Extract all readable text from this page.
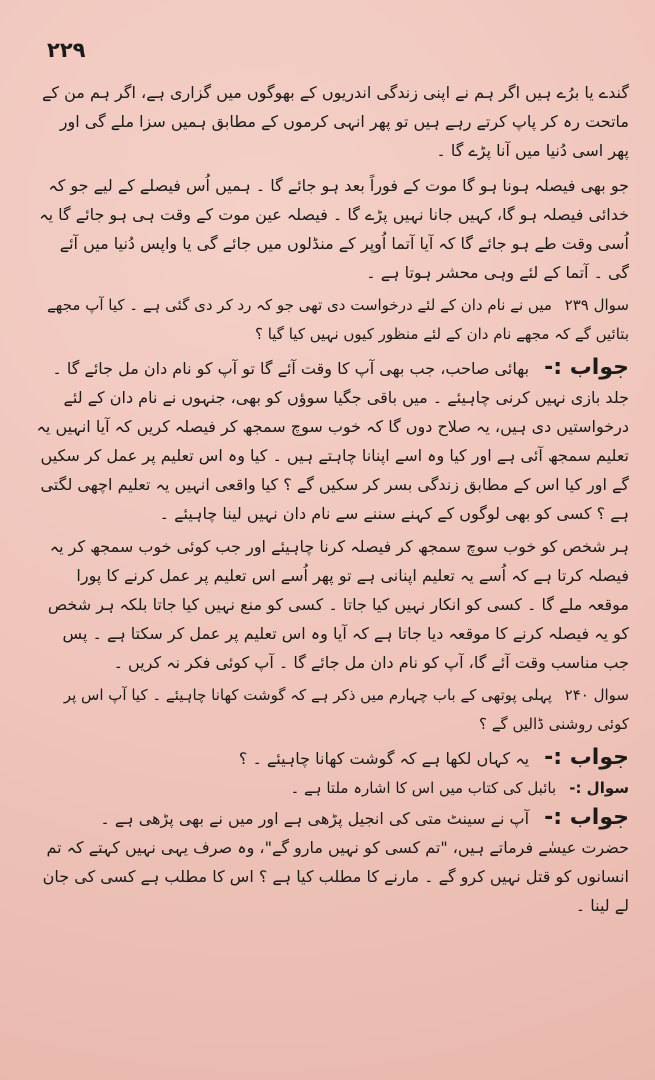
۲۲۹

گندے یا برُے ہیں اگر ہم نے اپنی زندگی اندریوں کے بھوگوں میں گزاری ہے، اگر ہم من کے ماتحت رہ کر پاپ کرتے رہے ہیں تو پھر انہی کرموں کے مطابق ہمیں سزا ملے گی اور پھر اسی دُنیا میں آنا پڑے گا ۔

جو بھی فیصلہ ہونا ہو گا موت کے فوراً بعد ہو جائے گا ۔ ہمیں اُس فیصلے کے لیے جو کہ خدائی فیصلہ ہو گا، کہیں جانا نہیں پڑے گا ۔ فیصلہ عین موت کے وقت ہی ہو جائے گا یہ اُسی وقت طے ہو جائے گا کہ آیا آتما اُوپر کے منڈلوں میں جائے گی یا واپس دُنیا میں آئے گی ۔ آتما کے لئے وہی محشر ہوتا ہے ۔

سوال ۲۳۹ میں نے نام دان کے لئے درخواست دی تھی جو کہ رد کر دی گئی ہے ۔ کیا آپ مجھے بتائیں گے کہ مجھے نام دان کے لئے منظور کیوں نہیں کیا گیا ؟

جواب :- بھائی صاحب، جب بھی آپ کا وقت آئے گا تو آپ کو نام دان مل جائے گا ۔ جلد بازی نہیں کرنی چاہیئے ۔ میں باقی جگیا سوؤں کو بھی، جنہوں نے نام دان کے لئے درخواستیں دی ہیں، یہ صلاح دوں گا کہ خوب سوچ سمجھ کر فیصلہ کریں کہ آیا انہیں یہ تعلیم سمجھ آئی ہے اور کیا وہ اسے اپنانا چاہتے ہیں ۔ کیا وہ اس تعلیم پر عمل کر سکیں گے اور کیا اس کے مطابق زندگی بسر کر سکیں گے ؟ کیا واقعی انہیں یہ تعلیم اچھی لگتی ہے ؟ کسی کو بھی لوگوں کے کہنے سننے سے نام دان نہیں لینا چاہیئے ۔

ہر شخص کو خوب سوچ سمجھ کر فیصلہ کرنا چاہیئے اور جب کوئی خوب سمجھ کر یہ فیصلہ کرتا ہے کہ اُسے یہ تعلیم اپنانی ہے تو پھر اُسے اس تعلیم پر عمل کرنے کا پورا موقعہ ملے گا ۔ کسی کو انکار نہیں کیا جاتا ۔ کسی کو منع نہیں کیا جاتا بلکہ ہر شخص کو یہ فیصلہ کرنے کا موقعہ دیا جاتا ہے کہ آیا وہ اس تعلیم پر عمل کر سکتا ہے ۔ پس جب مناسب وقت آئے گا، آپ کو نام دان مل جائے گا ۔ آپ کوئی فکر نہ کریں ۔

سوال ۲۴۰ پہلی پوتھی کے باب چہارم میں ذکر ہے کہ گوشت کھانا چاہیئے ۔ کیا آپ اس پر کوئی روشنی ڈالیں گے ؟

جواب :- یہ کہاں لکھا ہے کہ گوشت کھانا چاہیئے ۔ ؟

سوال :- بائبل کی کتاب میں اس کا اشارہ ملتا ہے ۔

جواب :- آپ نے سینٹ متی کی انجیل پڑھی ہے اور میں نے بھی پڑھی ہے ۔

حضرت عیسٰے فرماتے ہیں، "تم کسی کو نہیں مارو گے"، وہ صرف یہی نہیں کہتے کہ تم انسانوں کو قتل نہیں کرو گے ۔ مارنے کا مطلب کیا ہے ؟ اس کا مطلب ہے کسی کی جان لے لینا ۔
